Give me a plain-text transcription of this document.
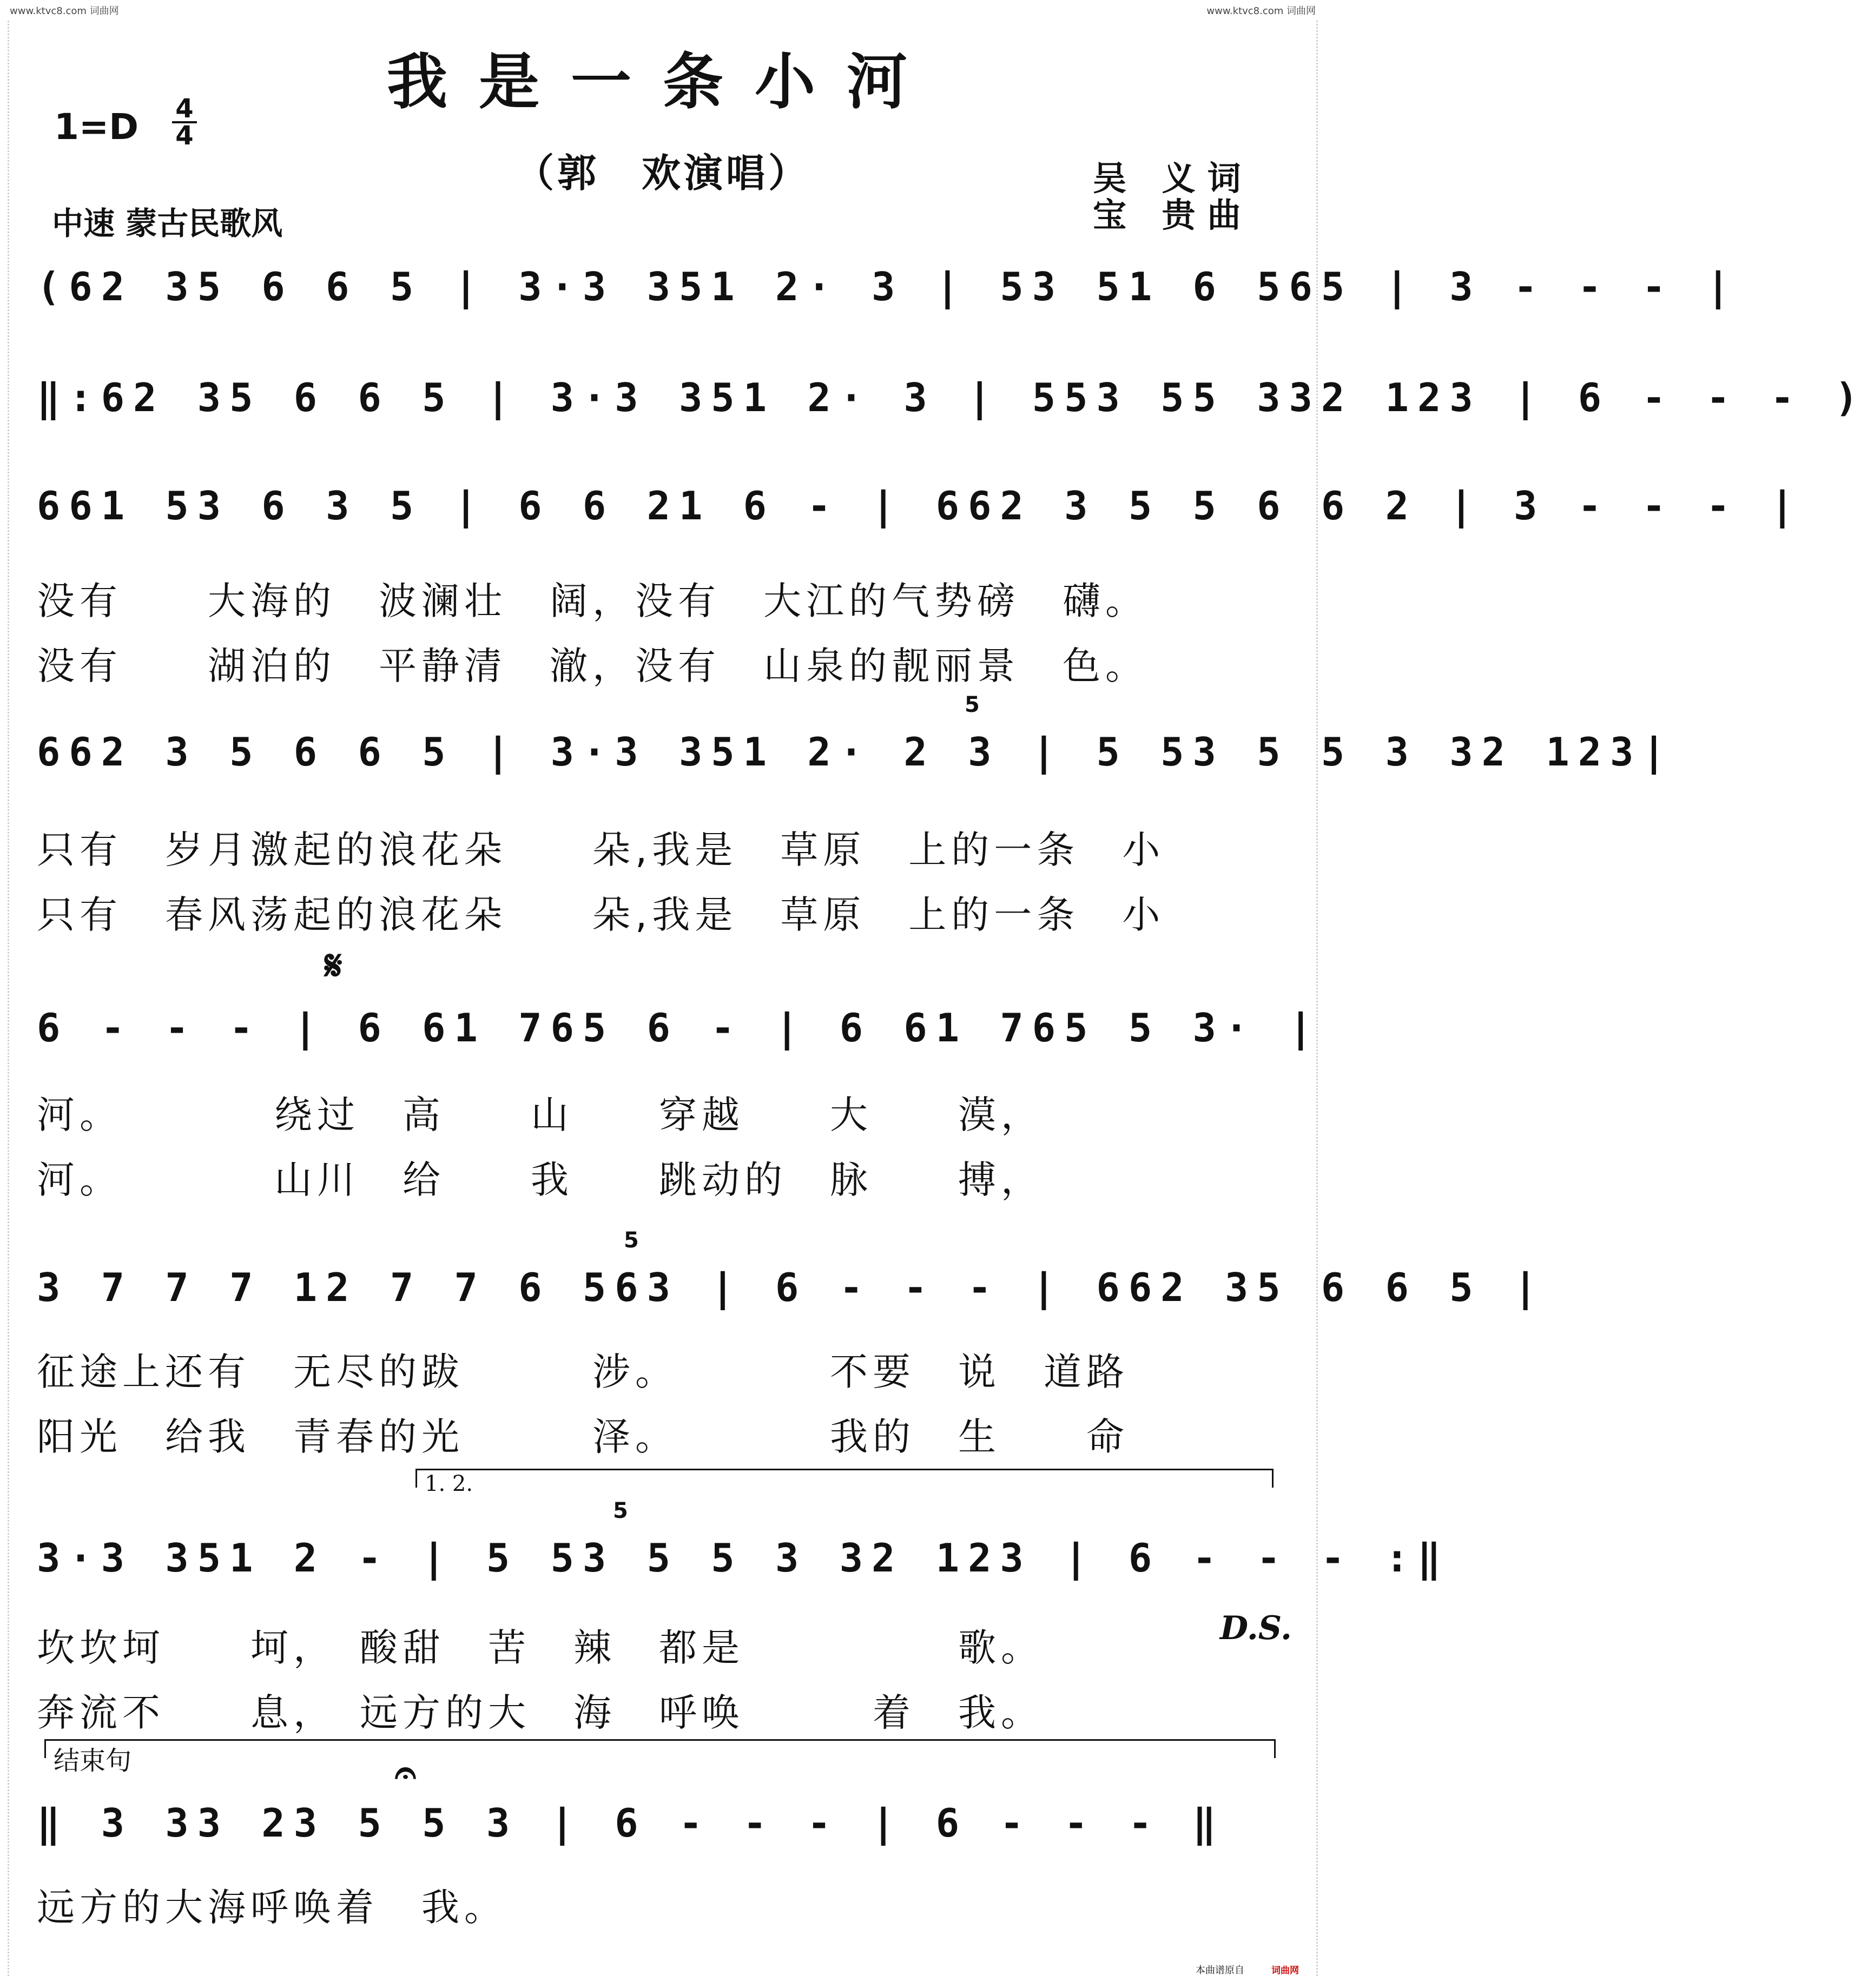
www.ktvc8.com 词曲网	www.ktvc8.com 词曲网
我是一条小河
（郭　欢演唱）
1=D 4
4
中速 蒙古民歌风
吴 义词
宝 贵曲
(62 35 6 6 5 | 3·3 351 2· 3 | 53 51 6 565 | 3 - - - |
‖:62 35 6 6 5 | 3·3 351 2· 3 | 553 55 332 123 | 6 - - - )
661 53 6 3 5 | 6 6 21 6 - | 662 3 5 5 6 6 2 | 3 - - - |
没有　　大海的　波澜壮　阔，没有　大江的气势磅　礴。
没有　　湖泊的　平静清　澈，没有　山泉的靓丽景　色。
662 3 5 6 6 5 | 3·3 351 2· 2 3 | 5 53 5 5 3 32 123|
5
只有　岁月激起的浪花朵　　朵,我是　草原　上的一条　小
只有　春风荡起的浪花朵　　朵,我是　草原　上的一条　小
6 - - - | 6 61 765 6 - | 6 61 765 5 3· |
𝄋
河。　　　　绕过　高　　山　　穿越　　大　　漠，
河。　　　　山川　给　　我　　跳动的　脉　　搏，
3 7 7 7 12 7 7 6 563 | 6 - - - | 662 35 6 6 5 |
5
征途上还有　无尽的跋　　　涉。　　　　不要　说　道路
阳光　给我　青春的光　　　泽。　　　　我的　生　　命
1. 2.
3·3 351 2 - | 5 53 5 5 3 32 123 | 6 - - - :‖
5
D.S.
坎坎坷　　坷，　酸甜　苦　辣　都是　　　　　歌。
奔流不　　息，　远方的大　海　呼唤　　　着　我。
结束句	𝄐
‖ 3 33 23 5 5 3 | 6 - - - | 6 - - - ‖
远方的大海呼唤着　我。
本曲谱原自	词曲网
